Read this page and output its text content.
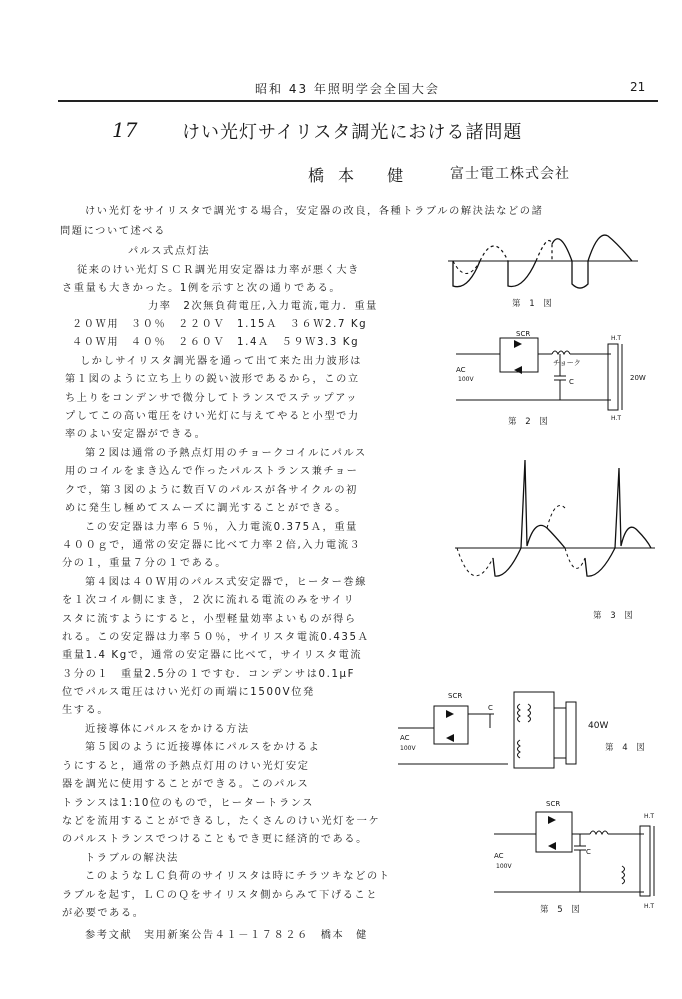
昭和 43 年照明学会全国大会	21
17 けい光灯サイリスタ調光における諸問題
橋本 健 富士電工株式会社
けい光灯をサイリスタで調光する場合，安定器の改良，各種トラブルの解決法などの諸
問題について述べる
パルス式点灯法
従来のけい光灯ＳＣＲ調光用安定器は力率が悪く大き
さ重量も大きかった。1例を示すと次の通りである。
力率　2次無負荷電圧,入力電流,電力．重量
２０Ｗ用　３０％　２２０Ｖ　1.15Ａ　３６Ｗ2.7 Kg
４０Ｗ用　４０％　２６０Ｖ　1.4Ａ　５９Ｗ3.3 Kg
しかしサイリスタ調光器を通って出て来た出力波形は
第１図のように立ち上りの鋭い波形であるから，この立
ち上りをコンデンサで微分してトランスでステップアッ
プしてこの高い電圧をけい光灯に与えてやると小型で力
率のよい安定器ができる。
第２図は通常の予熱点灯用のチョークコイルにパルス
用のコイルをまき込んで作ったパルストランス兼チョー
クで，第３図のように数百Ｖのパルスが各サイクルの初
めに発生し極めてスムーズに調光することができる。
この安定器は力率６５％，入力電流0.375Ａ，重量
４００ｇで，通常の安定器に比べて力率２倍,入力電流３
分の１，重量７分の１である。
第４図は４０Ｗ用のパルス式安定器で，ヒーター巻線
を１次コイル側にまき，２次に流れる電流のみをサイリ
スタに流すようにすると，小型軽量効率よいものが得ら
れる。この安定器は力率５０％，サイリスタ電流0.435Ａ
重量1.4 Kgで，通常の安定器に比べて，サイリスタ電流
３分の１　重量2.5分の１ですむ．コンデンサは0.1μF
位でパルス電圧はけい光灯の両端に1500V位発
生する。
近接導体にパルスをかける方法
第５図のように近接導体にパルスをかけるよ
うにすると，通常の予熱点灯用のけい光灯安定
器を調光に使用することができる。このパルス
トランスは1:10位のもので，ヒータートランス
などを流用することができるし，たくさんのけい光灯を一ケ
のパルストランスでつけることもでき更に経済的である。
トラブルの解決法
このようなＬＣ負荷のサイリスタは時にチラツキなどのト
ラブルを起す，ＬＣのＱをサイリスタ側からみて下げること
が必要である。
参考文献　実用新案公告４１－１７８２６　橋本　健
第 1 図
SCR
チョーク
C
AC
100V
H.T
H.T
20W
第 2 図
第 3 図
SCR
C
AC
100V
40W
第 4 図
SCR
C
AC
100V
H.T
H.T
第 5 図
